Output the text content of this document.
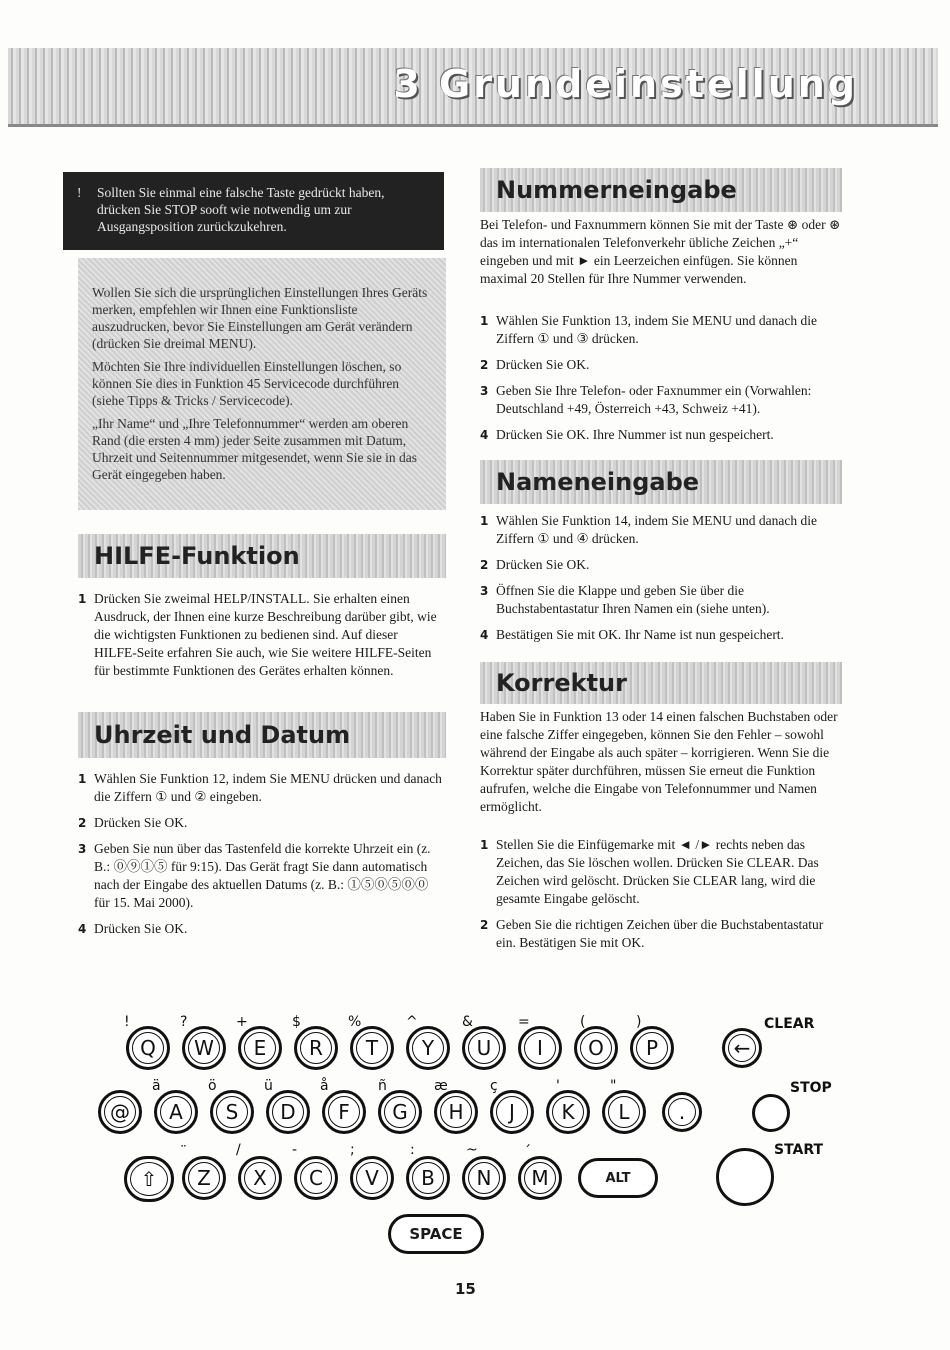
3 Grundeinstellung
! Sollten Sie einmal eine falsche Taste gedrückt haben, drücken Sie STOP sooft wie notwendig um zur Ausgangsposition zurückzukehren.

Wollen Sie sich die ursprünglichen Einstellungen Ihres Geräts merken, empfehlen wir Ihnen eine Funktionsliste auszudrucken, bevor Sie Einstellungen am Gerät verändern (drücken Sie dreimal MENU).

Möchten Sie Ihre individuellen Einstellungen löschen, so können Sie dies in Funktion 45 Servicecode durchführen (siehe Tipps & Tricks / Servicecode).

„Ihr Name“ und „Ihre Telefonnummer“ werden am oberen Rand (die ersten 4 mm) jeder Seite zusammen mit Datum, Uhrzeit und Seitennummer mitgesendet, wenn Sie sie in das Gerät eingegeben haben.

HILFE-Funktion
1 Drücken Sie zweimal HELP/INSTALL. Sie erhalten einen Ausdruck, der Ihnen eine kurze Beschreibung darüber gibt, wie die wichtigsten Funktionen zu bedienen sind. Auf dieser HILFE-Seite erfahren Sie auch, wie Sie weitere HILFE-Seiten für bestimmte Funktionen des Gerätes erhalten können.
Uhrzeit und Datum
1 Wählen Sie Funktion 12, indem Sie MENU drücken und danach die Ziffern ① und ② eingeben.
2 Drücken Sie OK.
3 Geben Sie nun über das Tastenfeld die korrekte Uhrzeit ein (z. B.: ⓪⑨①⑤ für 9:15). Das Gerät fragt Sie dann automatisch nach der Eingabe des aktuellen Datums (z. B.: ①⑤⓪⑤⓪⓪ für 15. Mai 2000).
4 Drücken Sie OK.
Nummerneingabe

Bei Telefon- und Faxnummern können Sie mit der Taste ⊛ oder ⊛ das im internationalen Telefonverkehr übliche Zeichen „+“ eingeben und mit ► ein Leerzeichen einfügen. Sie können maximal 20 Stellen für Ihre Nummer verwenden.

1 Wählen Sie Funktion 13, indem Sie MENU und danach die Ziffern ① und ③ drücken.
2 Drücken Sie OK.
3 Geben Sie Ihre Telefon- oder Faxnummer ein (Vorwahlen: Deutschland +49, Österreich +43, Schweiz +41).
4 Drücken Sie OK. Ihre Nummer ist nun gespeichert.
Nameneingabe
1 Wählen Sie Funktion 14, indem Sie MENU und danach die Ziffern ① und ④ drücken.
2 Drücken Sie OK.
3 Öffnen Sie die Klappe und geben Sie über die Buchstabentastatur Ihren Namen ein (siehe unten).
4 Bestätigen Sie mit OK. Ihr Name ist nun gespeichert.
Korrektur

Haben Sie in Funktion 13 oder 14 einen falschen Buchstaben oder eine falsche Ziffer eingegeben, können Sie den Fehler – sowohl während der Eingabe als auch später – korrigieren. Wenn Sie die Korrektur später durchführen, müssen Sie erneut die Funktion aufrufen, welche die Eingabe von Telefonnummer und Namen ermöglicht.

1 Stellen Sie die Einfügemarke mit ◄ /► rechts neben das Zeichen, das Sie löschen wollen. Drücken Sie CLEAR. Das Zeichen wird gelöscht. Drücken Sie CLEAR lang, wird die gesamte Eingabe gelöscht.
2 Geben Sie die richtigen Zeichen über die Buchstabentastatur ein. Bestätigen Sie mit OK.
Q	W	E	R	T	Y	U	I	O	P	←
CLEAR
!	?	+	$	%	^	&	=	(	)
@	A	S	D	F	G	H	J	K	L	.
STOP
ä	ö	ü	å	ñ	æ	ç	'	"
⇧	Z	X	C	V	B	N	M	ALT
START
¨	/	-	;	:	~	´
SPACE
15
